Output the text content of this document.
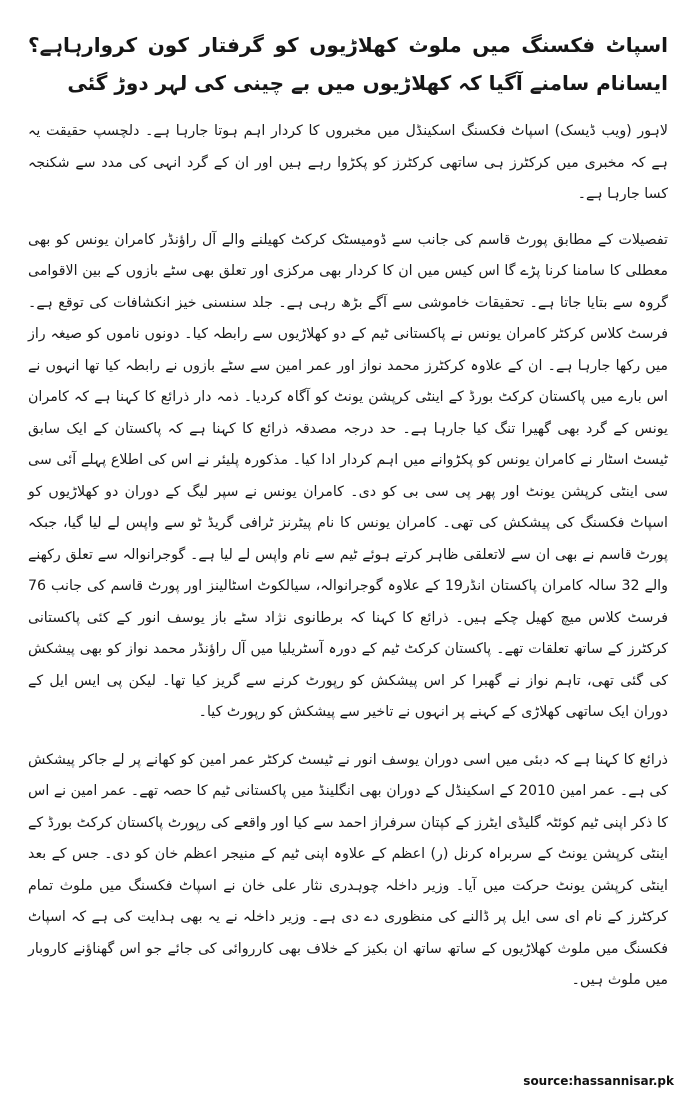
اسپاٹ فکسنگ میں ملوث کھلاڑیوں کو گرفتار کون کروارہاہے؟ ایسانام سامنے آگیا کہ کھلاڑیوں میں بے چینی کی لہر دوڑ گئی

لاہور (ویب ڈیسک) اسپاٹ فکسنگ اسکینڈل میں مخبروں کا کردار اہم ہوتا جارہا ہے۔ دلچسپ حقیقت یہ ہے کہ مخبری میں کرکٹرز ہی ساتھی کرکٹرز کو پکڑوا رہے ہیں اور ان کے گرد انہی کی مدد سے شکنجہ کسا جارہا ہے۔

تفصیلات کے مطابق پورٹ قاسم کی جانب سے ڈومیسٹک کرکٹ کھیلنے والے آل راؤنڈر کامران یونس کو بھی معطلی کا سامنا کرنا پڑے گا اس کیس میں ان کا کردار بھی مرکزی اور تعلق بھی سٹے بازوں کے بین الاقوامی گروہ سے بتایا جاتا ہے۔ تحقیقات خاموشی سے آگے بڑھ رہی ہے۔ جلد سنسنی خیز انکشافات کی توقع ہے۔ فرسٹ کلاس کرکٹر کامران یونس نے پاکستانی ٹیم کے دو کھلاڑیوں سے رابطہ کیا۔ دونوں ناموں کو صیغہ راز میں رکھا جارہا ہے۔ ان کے علاوہ کرکٹرز محمد نواز اور عمر امین سے سٹے بازوں نے رابطہ کیا تھا انہوں نے اس بارے میں پاکستان کرکٹ بورڈ کے اینٹی کرپشن یونٹ کو آگاہ کردیا۔ ذمہ دار ذرائع کا کہنا ہے کہ کامران یونس کے گرد بھی گھیرا تنگ کیا جارہا ہے۔ حد درجہ مصدقہ ذرائع کا کہنا ہے کہ پاکستان کے ایک سابق ٹیسٹ اسٹار نے کامران یونس کو پکڑوانے میں اہم کردار ادا کیا۔ مذکورہ پلیئر نے اس کی اطلاع پہلے آئی سی سی اینٹی کرپشن یونٹ اور پھر پی سی بی کو دی۔ کامران یونس نے سپر لیگ کے دوران دو کھلاڑیوں کو اسپاٹ فکسنگ کی پیشکش کی تھی۔ کامران یونس کا نام پیٹرنز ٹرافی گریڈ ٹو سے واپس لے لیا گیا، جبکہ پورٹ قاسم نے بھی ان سے لاتعلقی ظاہر کرتے ہوئے ٹیم سے نام واپس لے لیا ہے۔ گوجرانوالہ سے تعلق رکھنے والے 32 سالہ کامران پاکستان انڈر19 کے علاوہ گوجرانوالہ، سیالکوٹ اسٹالینز اور پورٹ قاسم کی جانب 76 فرسٹ کلاس میچ کھیل چکے ہیں۔ ذرائع کا کہنا کہ برطانوی نژاد سٹے باز یوسف انور کے کئی پاکستانی کرکٹرز کے ساتھ تعلقات تھے۔ پاکستان کرکٹ ٹیم کے دورہ آسٹریلیا میں آل راؤنڈر محمد نواز کو بھی پیشکش کی گئی تھی، تاہم نواز نے گھبرا کر اس پیشکش کو رپورٹ کرنے سے گریز کیا تھا۔ لیکن پی ایس ایل کے دوران ایک ساتھی کھلاڑی کے کہنے پر انہوں نے تاخیر سے پیشکش کو رپورٹ کیا۔

ذرائع کا کہنا ہے کہ دبئی میں اسی دوران یوسف انور نے ٹیسٹ کرکٹر عمر امین کو کھانے پر لے جاکر پیشکش کی ہے۔ عمر امین 2010 کے اسکینڈل کے دوران بھی انگلینڈ میں پاکستانی ٹیم کا حصہ تھے۔ عمر امین نے اس کا ذکر اپنی ٹیم کوئٹہ گلیڈی ایٹرز کے کپتان سرفراز احمد سے کیا اور واقعے کی رپورٹ پاکستان کرکٹ بورڈ کے اینٹی کرپشن یونٹ کے سربراہ کرنل (ر) اعظم کے علاوہ اپنی ٹیم کے منیجر اعظم خان کو دی۔ جس کے بعد اینٹی کرپشن یونٹ حرکت میں آیا۔ وزیر داخلہ چوہدری نثار علی خان نے اسپاٹ فکسنگ میں ملوث تمام کرکٹرز کے نام ای سی ایل پر ڈالنے کی منظوری دے دی ہے۔ وزیر داخلہ نے یہ بھی ہدایت کی ہے کہ اسپاٹ فکسنگ میں ملوث کھلاڑیوں کے ساتھ ساتھ ان بکیز کے خلاف بھی کارروائی کی جائے جو اس گھناؤنے کاروبار میں ملوث ہیں۔

source:hassannisar.pk
